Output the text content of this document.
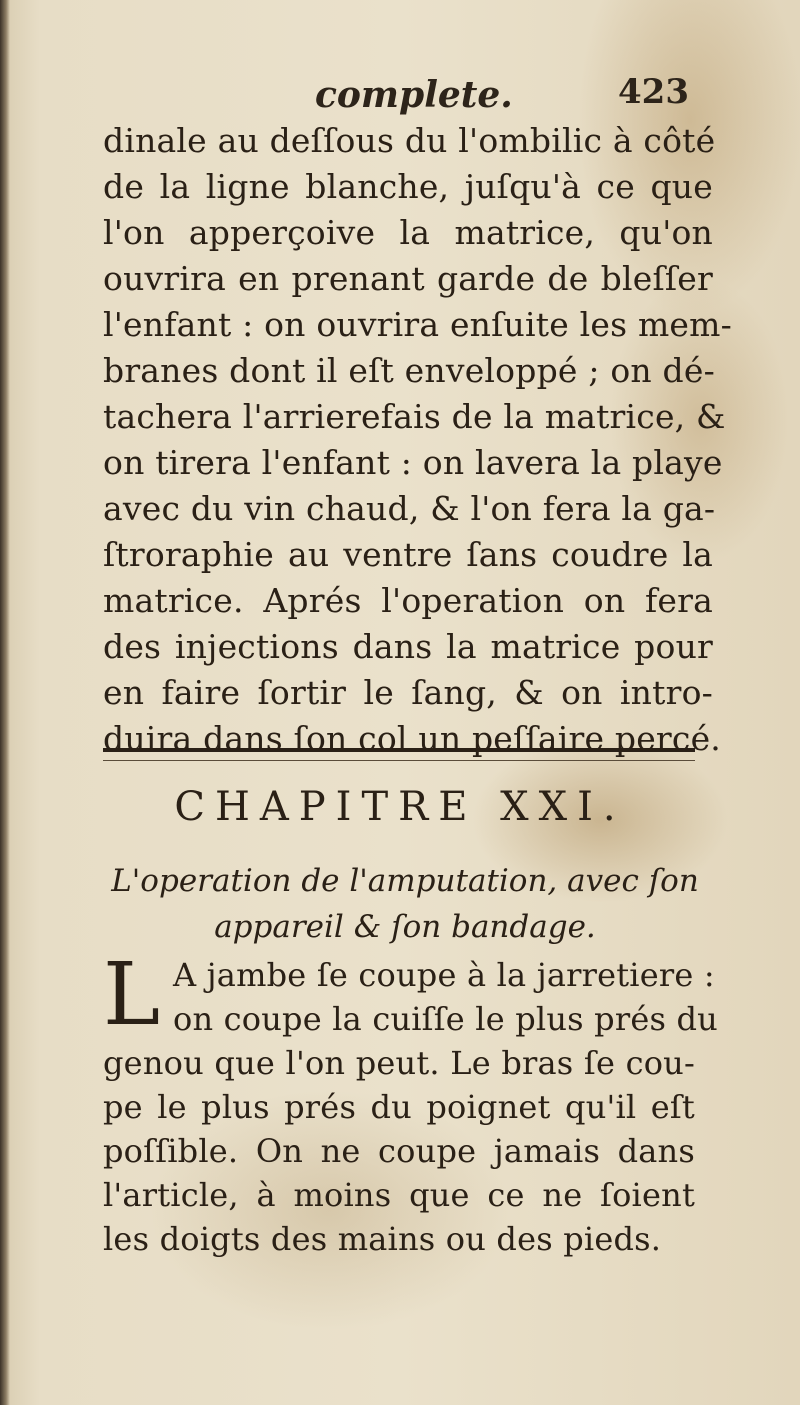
complete.	423
dinale au deſſous du l'ombilic à côté
de la ligne blanche, juſqu'à ce que
l'on apperçoive la matrice, qu'on
ouvrira en prenant garde de bleſſer
l'enfant : on ouvrira enſuite les mem-
branes dont il eſt enveloppé ; on dé-
tachera l'arrierefais de la matrice, &
on tirera l'enfant : on lavera la playe
avec du vin chaud, & l'on fera la ga-
ſtroraphie au ventre ſans coudre la
matrice. Aprés l'operation on fera
des injections dans la matrice pour
en faire ſortir le ſang, & on intro-
duira dans ſon col un peſſaire percé.
CHAPITRE XXI.
L'operation de l'amputation, avec ſon
appareil & ſon bandage.
L A jambe ſe coupe à la jarretiere :
on coupe la cuiſſe le plus prés du
genou que l'on peut. Le bras ſe cou-
pe le plus prés du poignet qu'il eſt
poſſible. On ne coupe jamais dans
l'article, à moins que ce ne ſoient
les doigts des mains ou des pieds.
